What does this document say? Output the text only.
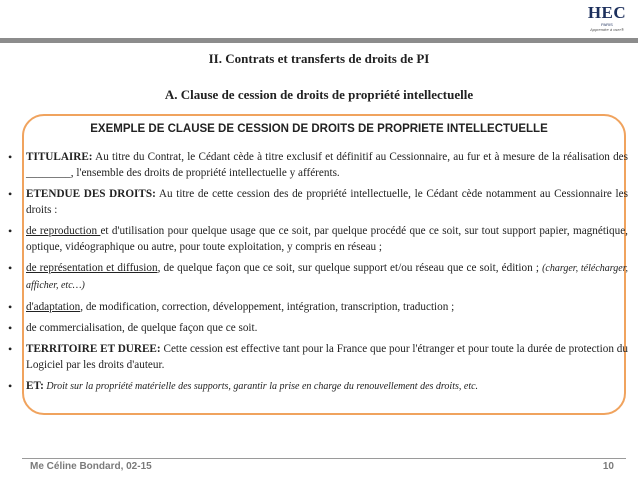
HEC
PARIS
Apprendre à oser®
II. Contrats et transferts de droits de PI
A. Clause de cession de droits de propriété intellectuelle
EXEMPLE DE CLAUSE DE CESSION DE DROITS DE PROPRIETE INTELLECTUELLE
• TITULAIRE: Au titre du Contrat, le Cédant cède à titre exclusif et définitif au Cessionnaire, au fur et à mesure de la réalisation des ________, l'ensemble des droits de propriété intellectuelle y afférents.
• ETENDUE DES DROITS: Au titre de cette cession des de propriété intellectuelle, le Cédant cède notamment au Cessionnaire les droits :
• de reproduction et d'utilisation pour quelque usage que ce soit, par quelque procédé que ce soit, sur tout support papier, magnétique, optique, vidéographique ou autre, pour toute exploitation, y compris en réseau ;
• de représentation et diffusion, de quelque façon que ce soit, sur quelque support et/ou réseau que ce soit, édition ; (charger, télécharger, afficher, etc…)
• d'adaptation, de modification, correction, développement, intégration, transcription, traduction ;
• de commercialisation, de quelque façon que ce soit.
• TERRITOIRE ET DUREE: Cette cession est effective tant pour la France que pour l'étranger et pour toute la durée de protection du Logiciel par les droits d'auteur.
• ET: Droit sur la propriété matérielle des supports, garantir la prise en charge du renouvellement des droits, etc.
Me Céline Bondard, 02-15	10
